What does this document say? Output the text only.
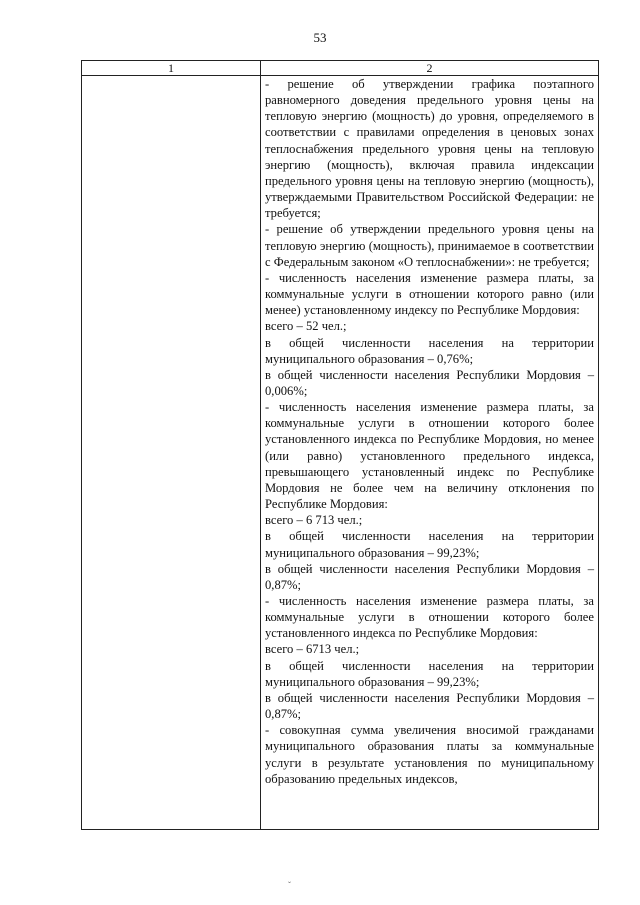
53
1	2

- решение об утверждении графика поэтапного равномерного доведения предельного уровня цены на тепловую энергию (мощность) до уровня, определяемого в соответствии с правилами определения в ценовых зонах теплоснабжения предельного уровня цены на тепловую энергию (мощность), включая правила индексации предельного уровня цены на тепловую энергию (мощность), утверждаемыми Правительством Российской Федерации: не требуется;

- решение об утверждении предельного уровня цены на тепловую энергию (мощность), принимаемое в соответствии с Федеральным законом «О теплоснабжении»: не требуется;

- численность населения изменение размера платы, за коммунальные услуги в отношении которого равно (или менее) установленному индексу по Республике Мордовия:

всего – 52 чел.;

в общей численности населения на территории муниципального образования – 0,76%;

в общей численности населения Республики Мордовия – 0,006%;

- численность населения изменение размера платы, за коммунальные услуги в отношении которого более установленного индекса по Республике Мордовия, но менее (или равно) установленного предельного индекса, превышающего установленный индекс по Республике Мордовия не более чем на величину отклонения по Республике Мордовия:

всего – 6 713 чел.;

в общей численности населения на территории муниципального образования – 99,23%;

в общей численности населения Республики Мордовия – 0,87%;

- численность населения изменение размера платы, за коммунальные услуги в отношении которого более установленного индекса по Республике Мордовия:

всего – 6713 чел.;

в общей численности населения на территории муниципального образования – 99,23%;

в общей численности населения Республики Мордовия – 0,87%;

- совокупная сумма увеличения вносимой гражданами муниципального образования платы за коммунальные услуги в результате установления по муниципальному образованию предельных индексов,

ˇ
